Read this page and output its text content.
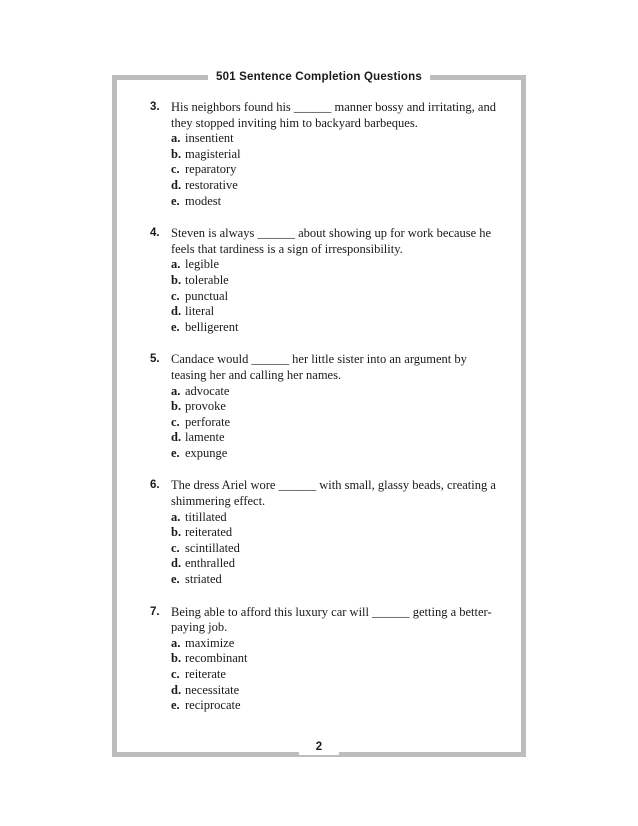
501 Sentence Completion Questions
3. His neighbors found his ______ manner bossy and irritating, and they stopped inviting him to backyard barbeques.
a. insentient
b. magisterial
c. reparatory
d. restorative
e. modest
4. Steven is always ______ about showing up for work because he feels that tardiness is a sign of irresponsibility.
a. legible
b. tolerable
c. punctual
d. literal
e. belligerent
5. Candace would ______ her little sister into an argument by teasing her and calling her names.
a. advocate
b. provoke
c. perforate
d. lamente
e. expunge
6. The dress Ariel wore ______ with small, glassy beads, creating a shimmering effect.
a. titillated
b. reiterated
c. scintillated
d. enthralled
e. striated
7. Being able to afford this luxury car will ______ getting a better-paying job.
a. maximize
b. recombinant
c. reiterate
d. necessitate
e. reciprocate
2
